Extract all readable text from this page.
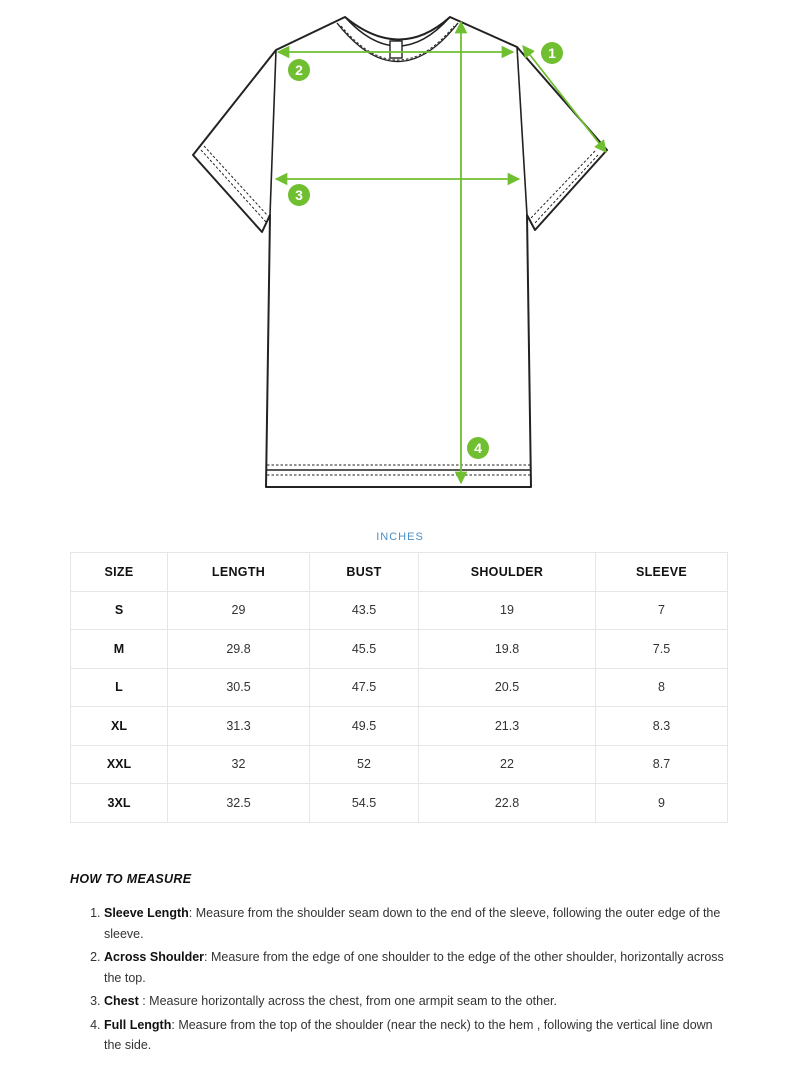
1
2
3
4
INCHES
SIZE	LENGTH	BUST	SHOULDER	SLEEVE
S	29	43.5	19	7
M	29.8	45.5	19.8	7.5
L	30.5	47.5	20.5	8
XL	31.3	49.5	21.3	8.3
XXL	32	52	22	8.7
3XL	32.5	54.5	22.8	9
HOW TO MEASURE
1. Sleeve Length: Measure from the shoulder seam down to the end of the sleeve, following the outer edge of the sleeve.
2. Across Shoulder: Measure from the edge of one shoulder to the edge of the other shoulder, horizontally across the top.
3. Chest : Measure horizontally across the chest, from one armpit seam to the other.
4. Full Length: Measure from the top of the shoulder (near the neck) to the hem , following the vertical line down the side.
